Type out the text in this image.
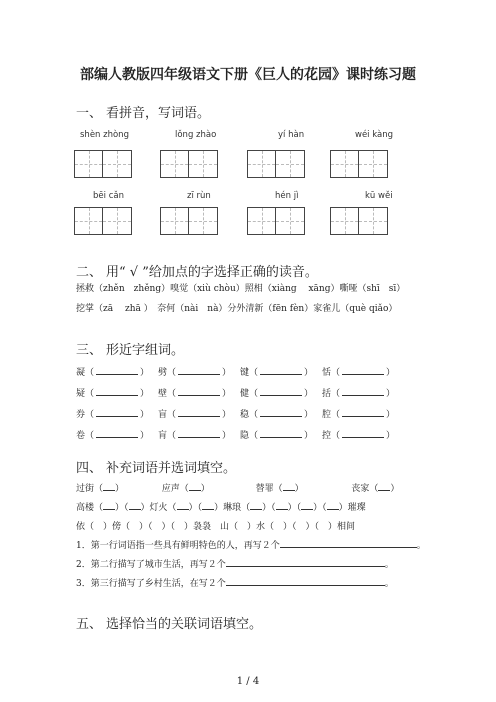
部编人教版四年级语文下册《巨人的花园》课时练习题
一、 看拼音，写词语。
shèn zhòng	lǒng zhào	yí hàn	wéi kàng
bēi cǎn	zī rùn	hén jì	kū wěi
二、 用“ √ ”给加点的字选择正确的读音。
拯救（zhěn　zhěng）嗅觉（xiù chòu）照相（xiàng　 xāng）嘶哑（shī　sī）
挖掌（zā　 zhā ）　奈何（nài　nà）分外清新（fēn fèn）家雀儿（què qiǎo）
三、 形近字组词。
凝（	） 劈（	） 键（	） 恬（	）
疑（	） 壁（	） 健（	） 括（	）
券（	） 盲（	） 稳（	） 腔（	）
卷（	） 肓（	） 隐（	） 控（	）
四、 补充词语并选词填空。
过街（ ）	应声（ ）	替罪（ ）	丧家（ ）
高楼（ ）（ ）灯火（ ）（ ）琳琅（ ）（ ）（ ）（ ）璀璨
依（　）傍（　）（　）（　）袅袅　山（　）水（　）（　）（　）相间
1．第一行词语指一些具有鲜明特色的人，再写２个	。
2．第二行描写了城市生活，再写２个	。
3．第三行描写了乡村生活，在写２个	。
五、 选择恰当的关联词语填空。
1 / 4
